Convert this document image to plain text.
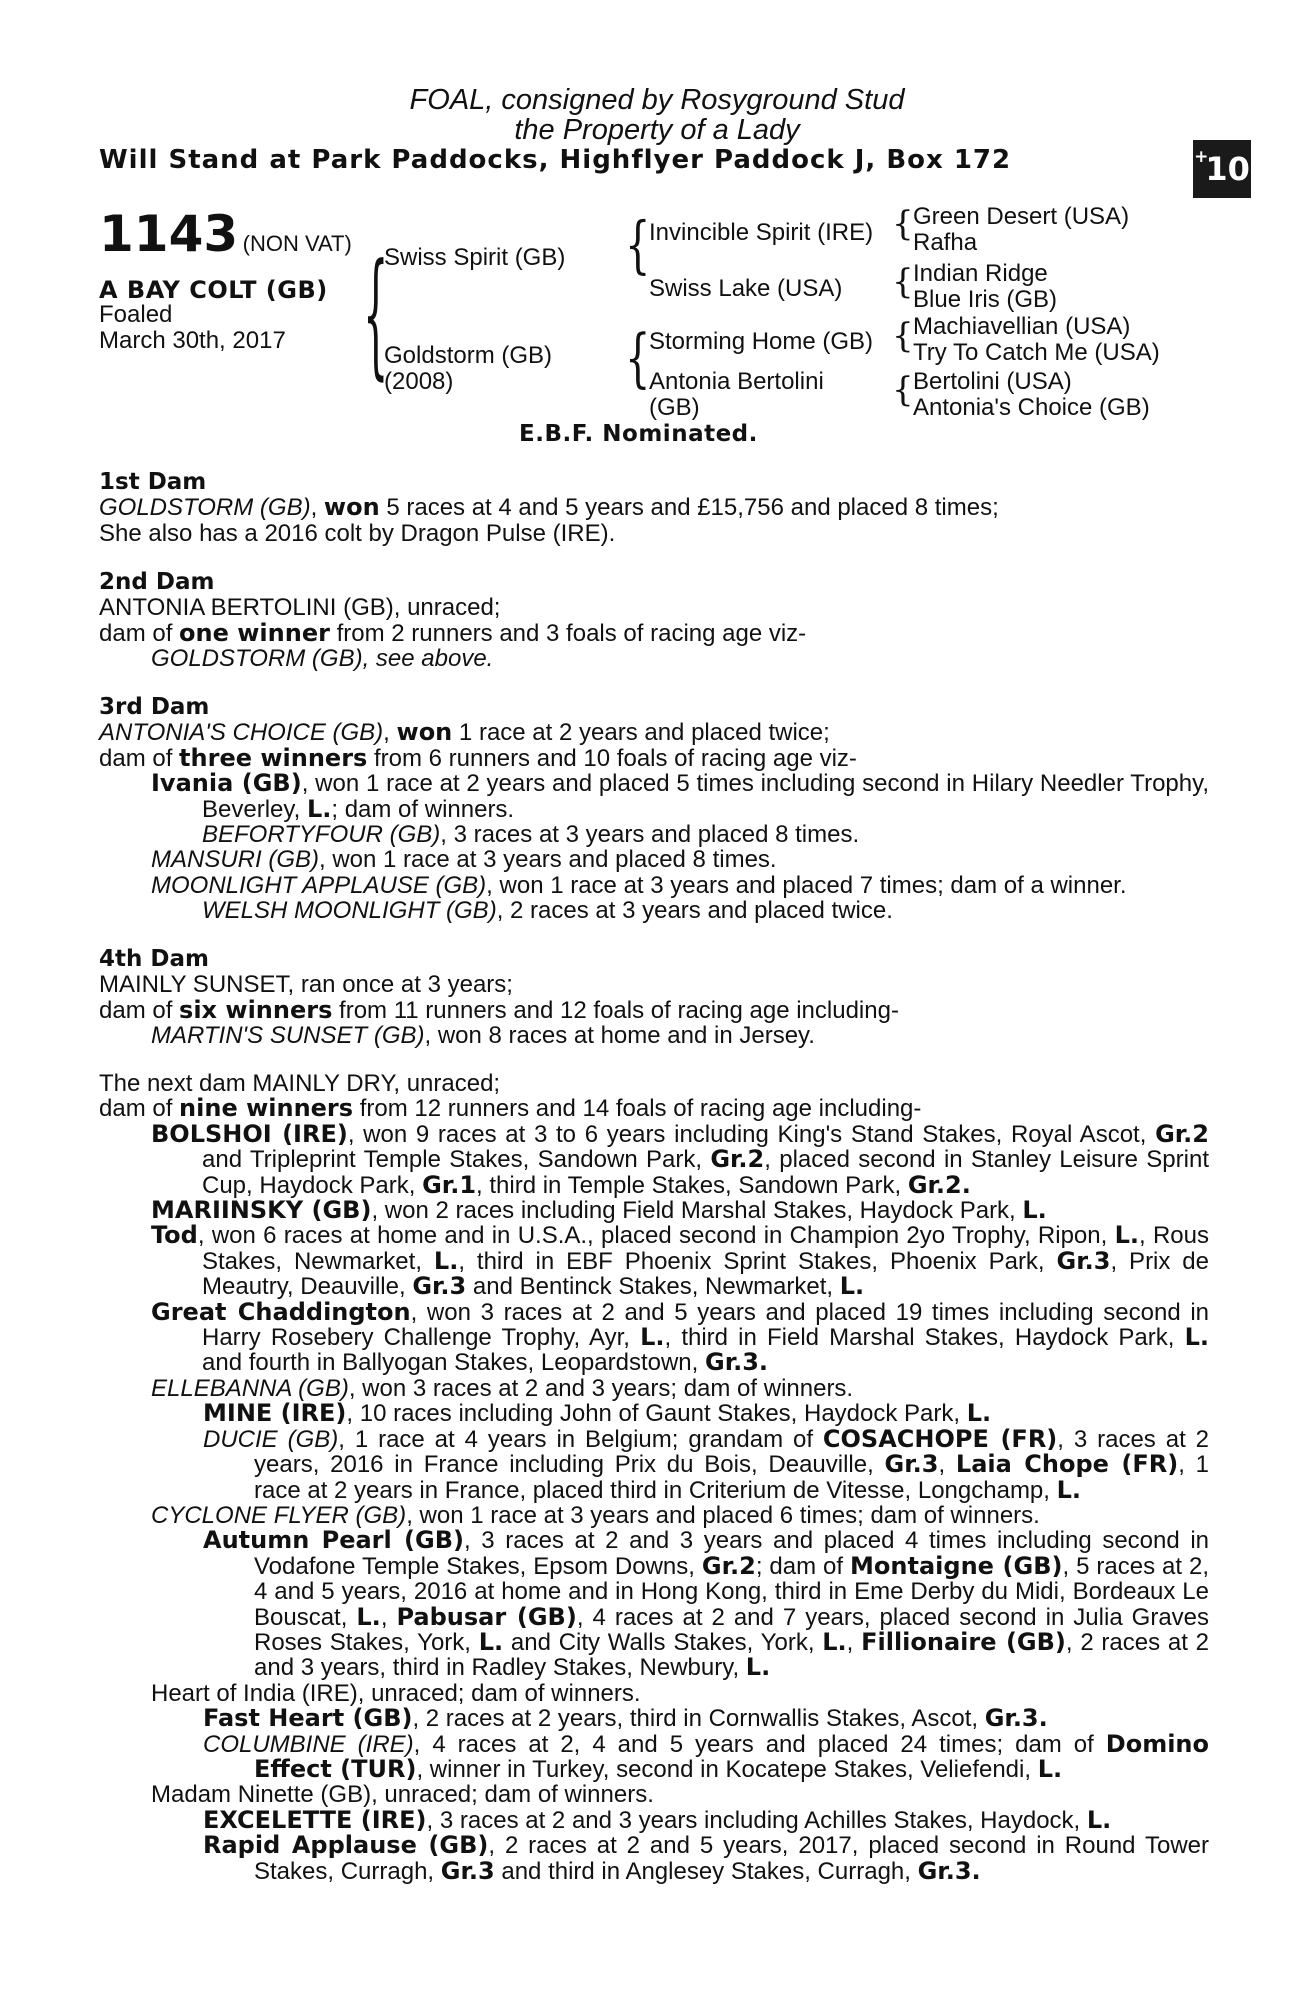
FOAL, consigned by Rosyground Stud
the Property of a Lady
Will Stand at Park Paddocks, Highflyer Paddock J, Box 172	+
10
1143 (NON VAT)
A BAY COLT (GB)
Foaled
March 30th, 2017 {
Swiss Spirit (GB)
Goldstorm (GB)
(2008)
{
{
Invincible Spirit (IRE)
Swiss Lake (USA)
Storming Home (GB)
Antonia Bertolini
(GB)
{
{
{
{
Green Desert (USA)
Rafha
Indian Ridge
Blue Iris (GB)
Machiavellian (USA)
Try To Catch Me (USA)
Bertolini (USA)
Antonia's Choice (GB)
E.B.F. Nominated.

1st Dam

GOLDSTORM (GB), won 5 races at 4 and 5 years and £15,756 and placed 8 times;

She also has a 2016 colt by Dragon Pulse (IRE).

2nd Dam

ANTONIA BERTOLINI (GB), unraced;

dam of one winner from 2 runners and 3 foals of racing age viz-

GOLDSTORM (GB), see above.

3rd Dam

ANTONIA'S CHOICE (GB), won 1 race at 2 years and placed twice;

dam of three winners from 6 runners and 10 foals of racing age viz-

Ivania (GB), won 1 race at 2 years and placed 5 times including second in Hilary Needler Trophy, Beverley, L.; dam of winners.

BEFORTYFOUR (GB), 3 races at 3 years and placed 8 times.

MANSURI (GB), won 1 race at 3 years and placed 8 times.

MOONLIGHT APPLAUSE (GB), won 1 race at 3 years and placed 7 times; dam of a winner.

WELSH MOONLIGHT (GB), 2 races at 3 years and placed twice.

4th Dam

MAINLY SUNSET, ran once at 3 years;

dam of six winners from 11 runners and 12 foals of racing age including-

MARTIN'S SUNSET (GB), won 8 races at home and in Jersey.

The next dam MAINLY DRY, unraced;

dam of nine winners from 12 runners and 14 foals of racing age including-

BOLSHOI (IRE), won 9 races at 3 to 6 years including King's Stand Stakes, Royal Ascot, Gr.2 and Tripleprint Temple Stakes, Sandown Park, Gr.2, placed second in Stanley Leisure Sprint Cup, Haydock Park, Gr.1, third in Temple Stakes, Sandown Park, Gr.2.

MARIINSKY (GB), won 2 races including Field Marshal Stakes, Haydock Park, L.

Tod, won 6 races at home and in U.S.A., placed second in Champion 2yo Trophy, Ripon, L., Rous Stakes, Newmarket, L., third in EBF Phoenix Sprint Stakes, Phoenix Park, Gr.3, Prix de Meautry, Deauville, Gr.3 and Bentinck Stakes, Newmarket, L.

Great Chaddington, won 3 races at 2 and 5 years and placed 19 times including second in Harry Rosebery Challenge Trophy, Ayr, L., third in Field Marshal Stakes, Haydock Park, L. and fourth in Ballyogan Stakes, Leopardstown, Gr.3.

ELLEBANNA (GB), won 3 races at 2 and 3 years; dam of winners.

MINE (IRE), 10 races including John of Gaunt Stakes, Haydock Park, L.

DUCIE (GB), 1 race at 4 years in Belgium; grandam of COSACHOPE (FR), 3 races at 2 years, 2016 in France including Prix du Bois, Deauville, Gr.3, Laia Chope (FR), 1 race at 2 years in France, placed third in Criterium de Vitesse, Longchamp, L.

CYCLONE FLYER (GB), won 1 race at 3 years and placed 6 times; dam of winners.

Autumn Pearl (GB), 3 races at 2 and 3 years and placed 4 times including second in Vodafone Temple Stakes, Epsom Downs, Gr.2; dam of Montaigne (GB), 5 races at 2, 4 and 5 years, 2016 at home and in Hong Kong, third in Eme Derby du Midi, Bordeaux Le Bouscat, L., Pabusar (GB), 4 races at 2 and 7 years, placed second in Julia Graves Roses Stakes, York, L. and City Walls Stakes, York, L., Fillionaire (GB), 2 races at 2 and 3 years, third in Radley Stakes, Newbury, L.

Heart of India (IRE), unraced; dam of winners.

Fast Heart (GB), 2 races at 2 years, third in Cornwallis Stakes, Ascot, Gr.3.

COLUMBINE (IRE), 4 races at 2, 4 and 5 years and placed 24 times; dam of Domino Effect (TUR), winner in Turkey, second in Kocatepe Stakes, Veliefendi, L.

Madam Ninette (GB), unraced; dam of winners.

EXCELETTE (IRE), 3 races at 2 and 3 years including Achilles Stakes, Haydock, L.

Rapid Applause (GB), 2 races at 2 and 5 years, 2017, placed second in Round Tower Stakes, Curragh, Gr.3 and third in Anglesey Stakes, Curragh, Gr.3.
